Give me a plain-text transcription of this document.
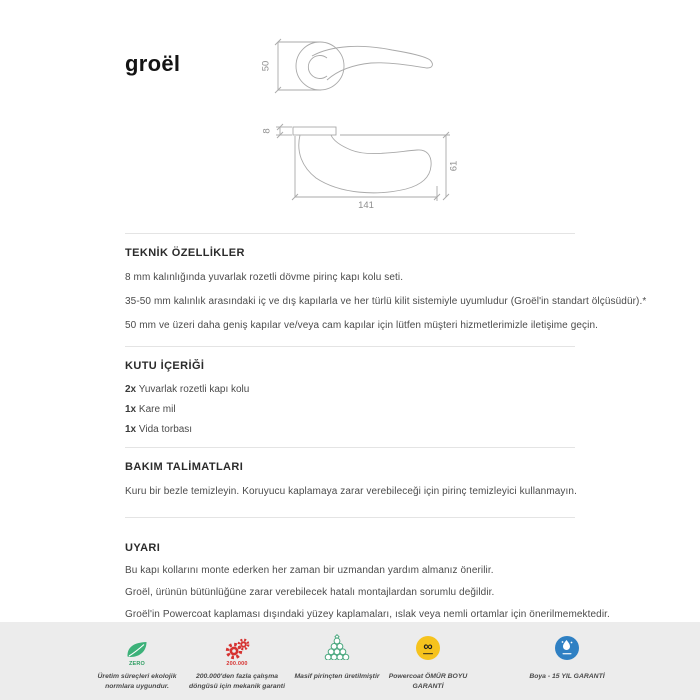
groël	50
8
61
141
TEKNİK ÖZELLİKLER

8 mm kalınlığında yuvarlak rozetli dövme pirinç kapı kolu seti.

35-50 mm kalınlık arasındaki iç ve dış kapılarla ve her türlü kilit sistemiyle uyumludur (Groël'in standart ölçüsüdür).*

50 mm ve üzeri daha geniş kapılar ve/veya cam kapılar için lütfen müşteri hizmetlerimizle iletişime geçin.

KUTU İÇERİĞİ

2x Yuvarlak rozetli kapı kolu

1x Kare mil

1x Vida torbası

BAKIM TALİMATLARI

Kuru bir bezle temizleyin. Koruyucu kaplamaya zarar verebileceği için pirinç temizleyici kullanmayın.

UYARI

Bu kapı kollarını monte ederken her zaman bir uzmandan yardım almanız önerilir.

Groël, ürünün bütünlüğüne zarar verebilecek hatalı montajlardan sorumlu değildir.

Groël'in Powercoat kaplaması dışındaki yüzey kaplamaları, ıslak veya nemli ortamlar için önerilmemektedir.

ZERO
Üretim süreçleri ekolojik normlara uygundur.
200.000
200.000'den fazla çalışma döngüsü için mekanik garanti
Masif pirinçten üretilmiştir
∞
Powercoat ÖMÜR BOYU GARANTİ
Boya - 15 YIL GARANTİ
